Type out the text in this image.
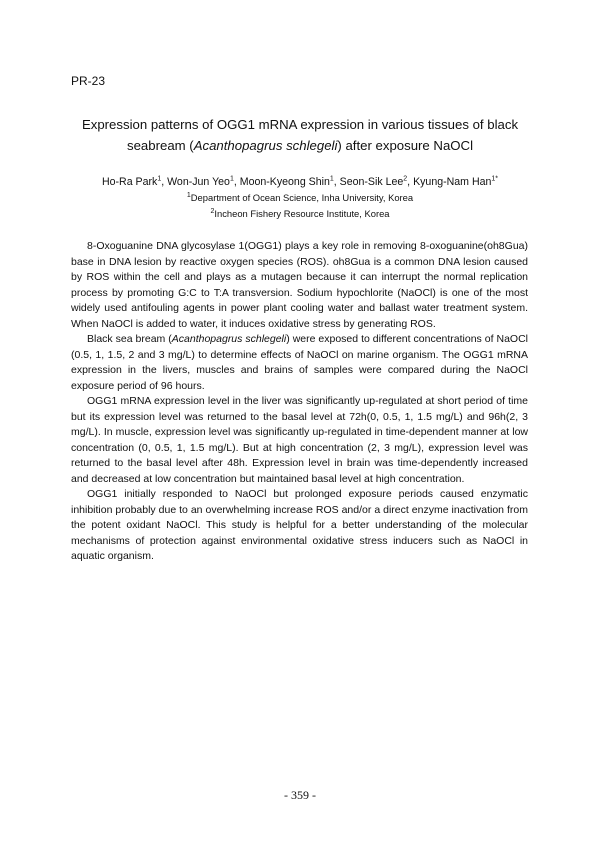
PR-23

Expression patterns of OGG1 mRNA expression in various tissues of black
seabream (Acanthopagrus schlegeli) after exposure NaOCl

Ho-Ra Park$^1$, Won-Jun Yeo$^1$, Moon-Kyeong Shin$^1$, Seon-Sik Lee$^2$, Kyung-Nam Han$^{1*}$

$^1$Department of Ocean Science, Inha University, Korea

$^2$Incheon Fishery Resource Institute, Korea

8-Oxoguanine DNA glycosylase 1(OGG1) plays a key role in removing 8-oxoguanine(oh8Gua) base in DNA lesion by reactive oxygen species (ROS). oh8Gua is a common DNA lesion caused by ROS within the cell and plays as a mutagen because it can interrupt the normal replication process by promoting G:C to T:A transversion. Sodium hypochlorite (NaOCl) is one of the most widely used antifouling agents in power plant cooling water and ballast water treatment system. When NaOCl is added to water, it induces oxidative stress by generating ROS.

Black sea bream (Acanthopagrus schlegeli) were exposed to different concentrations of NaOCl (0.5, 1, 1.5, 2 and 3 mg/L) to determine effects of NaOCl on marine organism. The OGG1 mRNA expression in the livers, muscles and brains of samples were compared during the NaOCl exposure period of 96 hours.

OGG1 mRNA expression level in the liver was significantly up-regulated at short period of time but its expression level was returned to the basal level at 72h(0, 0.5, 1, 1.5 mg/L) and 96h(2, 3 mg/L). In muscle, expression level was significantly up-regulated in time-dependent manner at low concentration (0, 0.5, 1, 1.5 mg/L). But at high concentration (2, 3 mg/L), expression level was returned to the basal level after 48h. Expression level in brain was time-dependently increased and decreased at low concentration but maintained basal level at high concentration.

OGG1 initially responded to NaOCl but prolonged exposure periods caused enzymatic inhibition probably due to an overwhelming increase ROS and/or a direct enzyme inactivation from the potent oxidant NaOCl. This study is helpful for a better understanding of the molecular mechanisms of protection against environmental oxidative stress inducers such as NaOCl in aquatic organism.

- 359 -
